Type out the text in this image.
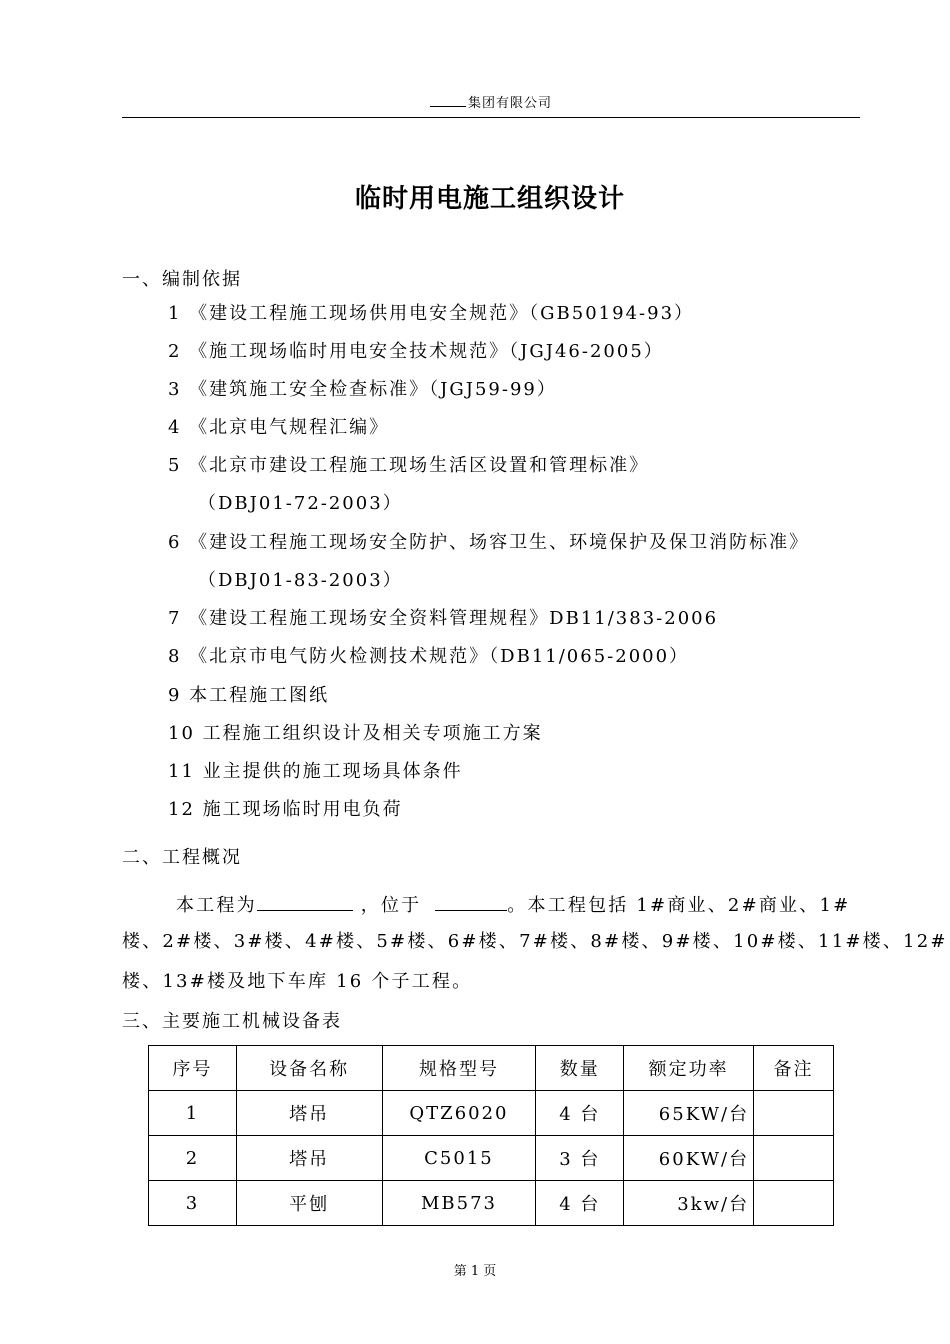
集团有限公司
临时用电施工组织设计
一、编制依据
1 《建设工程施工现场供用电安全规范》（GB50194-93）
2 《施工现场临时用电安全技术规范》（JGJ46-2005）
3 《建筑施工安全检查标准》（JGJ59-99）
4 《北京电气规程汇编》
5 《北京市建设工程施工现场生活区设置和管理标准》
（DBJ01-72-2003）
6 《建设工程施工现场安全防护、场容卫生、环境保护及保卫消防标准》
（DBJ01-83-2003）
7 《建设工程施工现场安全资料管理规程》DB11/383-2006
8 《北京市电气防火检测技术规范》（DB11/065-2000）
9 本工程施工图纸
10 工程施工组织设计及相关专项施工方案
11 业主提供的施工现场具体条件
12 施工现场临时用电负荷
二、工程概况
本工程为	，位于	。本工程包括 1#商业、2#商业、1#
楼、2#楼、3#楼、4#楼、5#楼、6#楼、7#楼、8#楼、9#楼、10#楼、11#楼、12#
楼、13#楼及地下车库 16 个子工程。
三、主要施工机械设备表
序号	设备名称	规格型号	数量	额定功率	备注
1	塔吊	QTZ6020	4 台	65KW/台	
2	塔吊	C5015	3 台	60KW/台	
3	平刨	MB573	4 台	3kw/台	
第 1 页
